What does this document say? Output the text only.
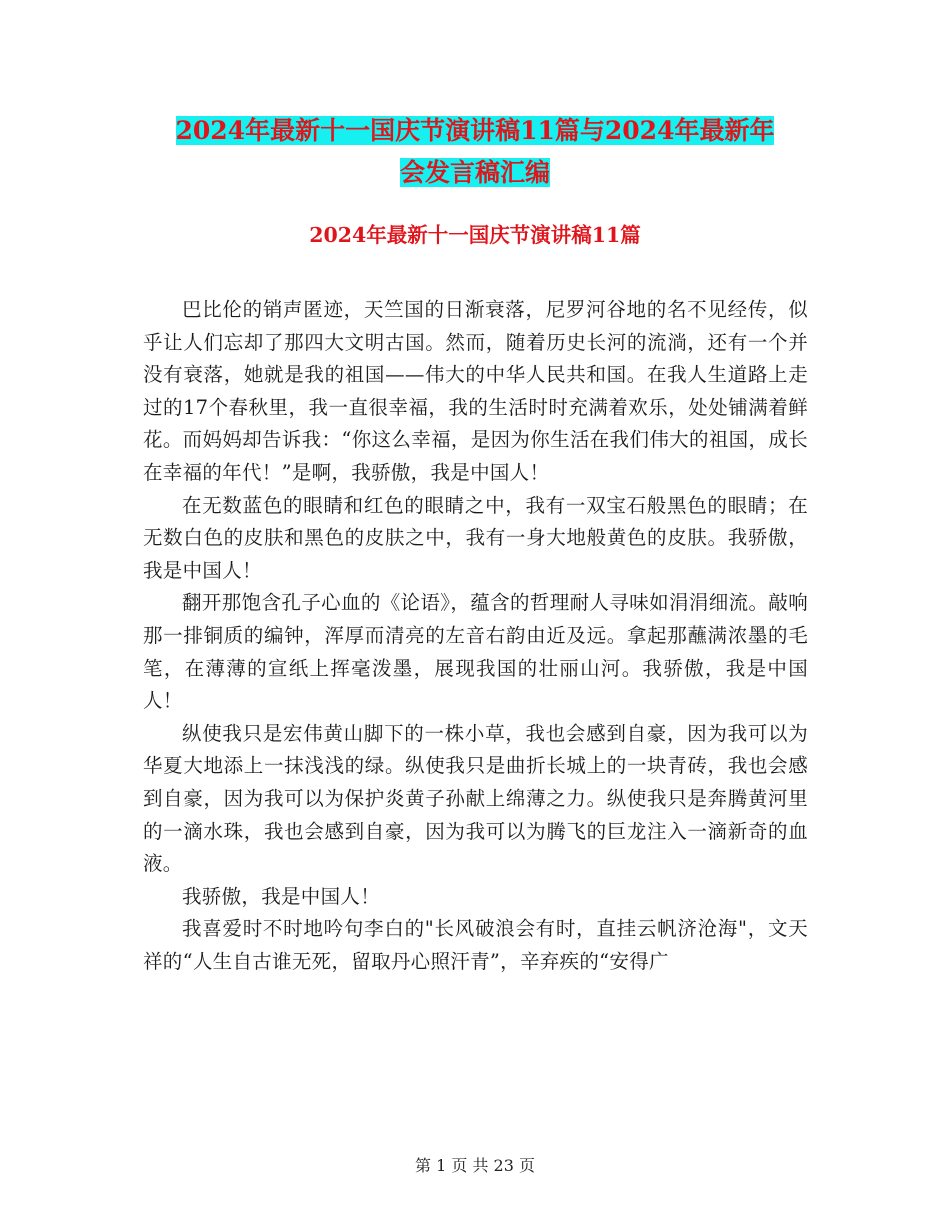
2024年最新十一国庆节演讲稿11篇与2024年最新年
会发言稿汇编
2024年最新十一国庆节演讲稿11篇

巴比伦的销声匿迹，天竺国的日渐衰落，尼罗河谷地的名不见经传，似乎让人们忘却了那四大文明古国。然而，随着历史长河的流淌，还有一个并没有衰落，她就是我的祖国——伟大的中华人民共和国。在我人生道路上走过的17个春秋里，我一直很幸福，我的生活时时充满着欢乐，处处铺满着鲜花。而妈妈却告诉我：“你这么幸福，是因为你生活在我们伟大的祖国，成长在幸福的年代！”是啊，我骄傲，我是中国人！

在无数蓝色的眼睛和红色的眼睛之中，我有一双宝石般黑色的眼睛；在无数白色的皮肤和黑色的皮肤之中，我有一身大地般黄色的皮肤。我骄傲，我是中国人！

翻开那饱含孔子心血的《论语》，蕴含的哲理耐人寻味如涓涓细流。敲响那一排铜质的编钟，浑厚而清亮的左音右韵由近及远。拿起那蘸满浓墨的毛笔，在薄薄的宣纸上挥毫泼墨，展现我国的壮丽山河。我骄傲，我是中国人！

纵使我只是宏伟黄山脚下的一株小草，我也会感到自豪，因为我可以为华夏大地添上一抹浅浅的绿。纵使我只是曲折长城上的一块青砖，我也会感到自豪，因为我可以为保护炎黄子孙献上绵薄之力。纵使我只是奔腾黄河里的一滴水珠，我也会感到自豪，因为我可以为腾飞的巨龙注入一滴新奇的血液。

我骄傲，我是中国人！

我喜爱时不时地吟句李白的"长风破浪会有时，直挂云帆济沧海"，文天祥的“人生自古谁无死，留取丹心照汗青”，辛弃疾的“安得广

第 1 页 共 23 页
